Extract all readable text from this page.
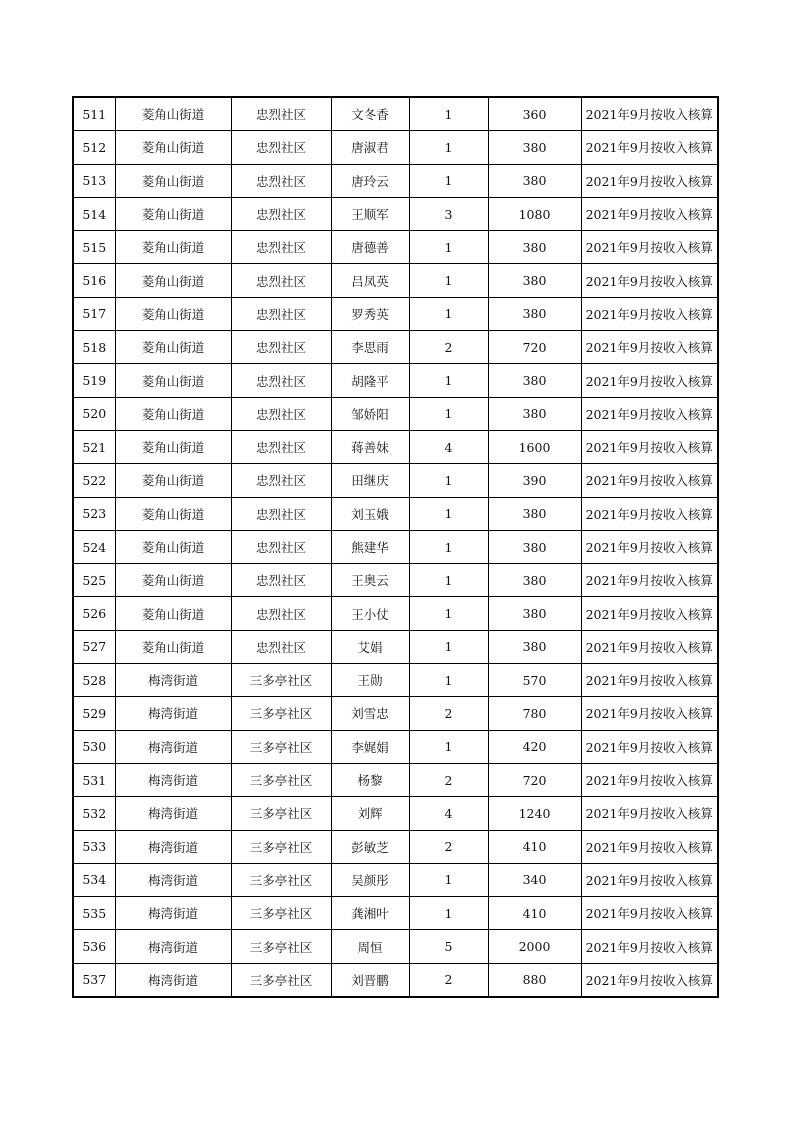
511	菱角山街道	忠烈社区	文冬香	1	360	2021年9月按收入核算
512	菱角山街道	忠烈社区	唐淑君	1	380	2021年9月按收入核算
513	菱角山街道	忠烈社区	唐玲云	1	380	2021年9月按收入核算
514	菱角山街道	忠烈社区	王顺军	3	1080	2021年9月按收入核算
515	菱角山街道	忠烈社区	唐德善	1	380	2021年9月按收入核算
516	菱角山街道	忠烈社区	吕凤英	1	380	2021年9月按收入核算
517	菱角山街道	忠烈社区	罗秀英	1	380	2021年9月按收入核算
518	菱角山街道	忠烈社区	李思雨	2	720	2021年9月按收入核算
519	菱角山街道	忠烈社区	胡隆平	1	380	2021年9月按收入核算
520	菱角山街道	忠烈社区	邹娇阳	1	380	2021年9月按收入核算
521	菱角山街道	忠烈社区	蒋善妹	4	1600	2021年9月按收入核算
522	菱角山街道	忠烈社区	田继庆	1	390	2021年9月按收入核算
523	菱角山街道	忠烈社区	刘玉娥	1	380	2021年9月按收入核算
524	菱角山街道	忠烈社区	熊建华	1	380	2021年9月按收入核算
525	菱角山街道	忠烈社区	王奥云	1	380	2021年9月按收入核算
526	菱角山街道	忠烈社区	王小仗	1	380	2021年9月按收入核算
527	菱角山街道	忠烈社区	艾娟	1	380	2021年9月按收入核算
528	梅湾街道	三多亭社区	王勋	1	570	2021年9月按收入核算
529	梅湾街道	三多亭社区	刘雪忠	2	780	2021年9月按收入核算
530	梅湾街道	三多亭社区	李娓娟	1	420	2021年9月按收入核算
531	梅湾街道	三多亭社区	杨黎	2	720	2021年9月按收入核算
532	梅湾街道	三多亭社区	刘辉	4	1240	2021年9月按收入核算
533	梅湾街道	三多亭社区	彭敏芝	2	410	2021年9月按收入核算
534	梅湾街道	三多亭社区	吴颜彤	1	340	2021年9月按收入核算
535	梅湾街道	三多亭社区	龚湘叶	1	410	2021年9月按收入核算
536	梅湾街道	三多亭社区	周恒	5	2000	2021年9月按收入核算
537	梅湾街道	三多亭社区	刘晋鹏	2	880	2021年9月按收入核算
